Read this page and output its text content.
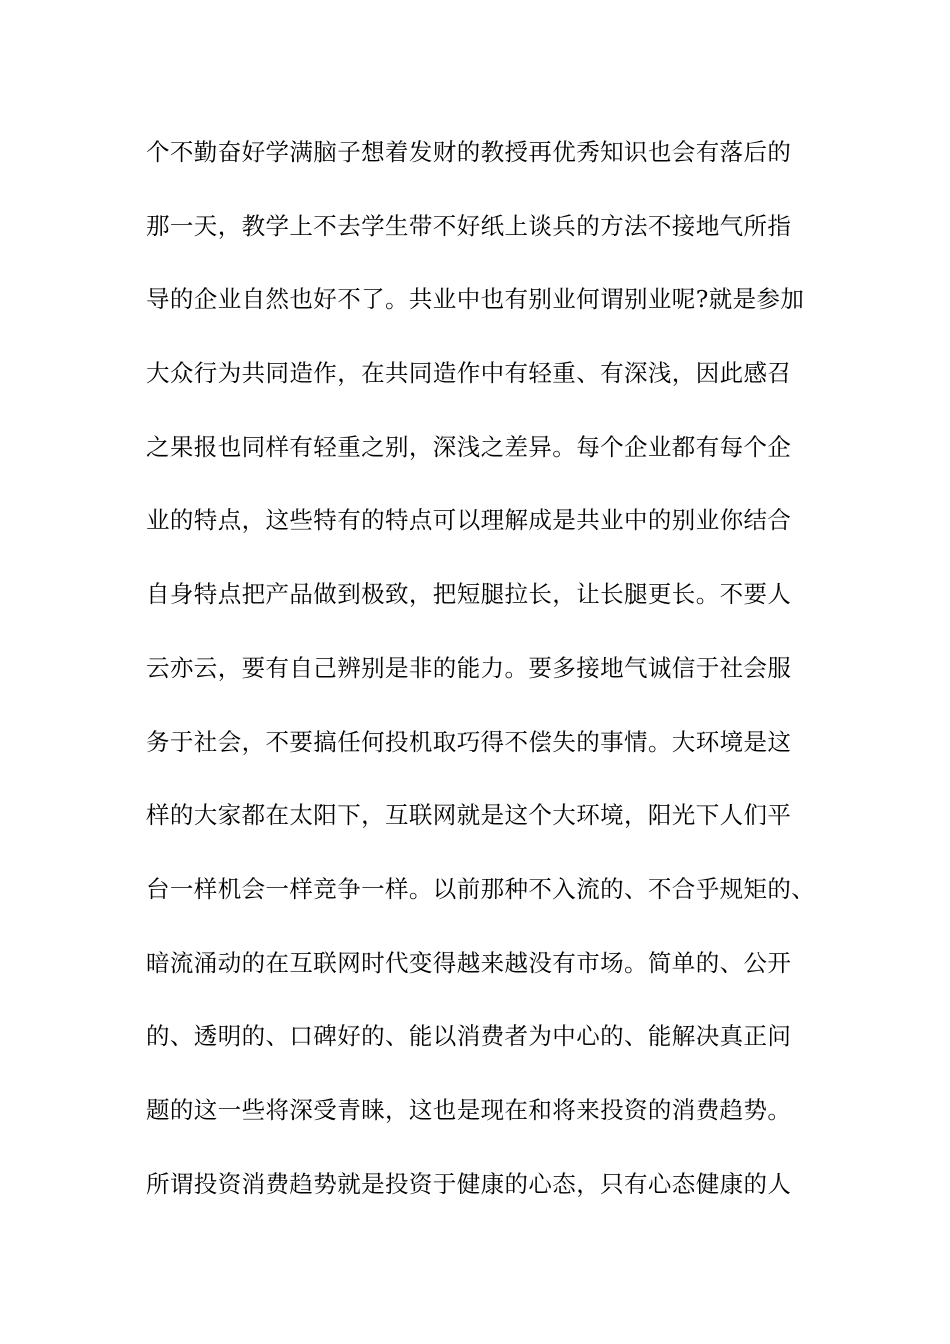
个不勤奋好学满脑子想着发财的教授再优秀知识也会有落后的
那一天，教学上不去学生带不好纸上谈兵的方法不接地气所指
导的企业自然也好不了。共业中也有别业何谓别业呢?就是参加
大众行为共同造作，在共同造作中有轻重、有深浅，因此感召
之果报也同样有轻重之别，深浅之差异。每个企业都有每个企
业的特点，这些特有的特点可以理解成是共业中的别业你结合
自身特点把产品做到极致，把短腿拉长，让长腿更长。不要人
云亦云，要有自己辨别是非的能力。要多接地气诚信于社会服
务于社会，不要搞任何投机取巧得不偿失的事情。大环境是这
样的大家都在太阳下，互联网就是这个大环境，阳光下人们平
台一样机会一样竞争一样。以前那种不入流的、不合乎规矩的、
暗流涌动的在互联网时代变得越来越没有市场。简单的、公开
的、透明的、口碑好的、能以消费者为中心的、能解决真正问
题的这一些将深受青睐，这也是现在和将来投资的消费趋势。
所谓投资消费趋势就是投资于健康的心态，只有心态健康的人
